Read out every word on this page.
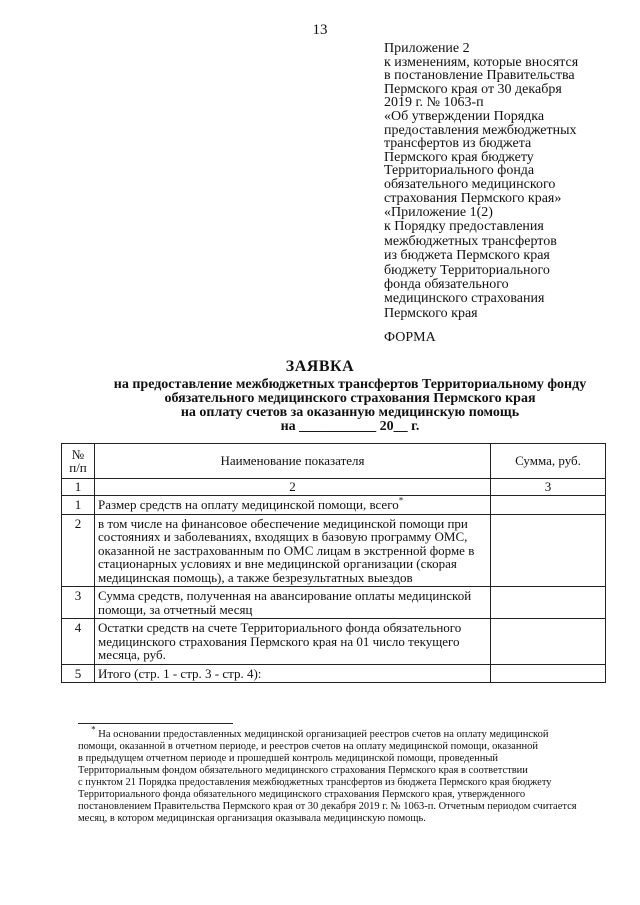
13
Приложение 2
к изменениям, которые вносятся
в постановление Правительства
Пермского края от 30 декабря
2019 г. № 1063-п
«Об утверждении Порядка
предоставления межбюджетных
трансфертов из бюджета
Пермского края бюджету
Территориального фонда
обязательного медицинского
страхования Пермского края»
«Приложение 1(2)
к Порядку предоставления
межбюджетных трансфертов
из бюджета Пермского края
бюджету Территориального
фонда обязательного
медицинского страхования
Пермского края
ФОРМА
ЗАЯВКА
на предоставление межбюджетных трансфертов Территориальному фонду
обязательного медицинского страхования Пермского края
на оплату счетов за оказанную медицинскую помощь
на ___________ 20__ г.
№ п/п	Наименование показателя	Сумма, руб.
1	2	3
1	Размер средств на оплату медицинской помощи, всего*	
2	в том числе на финансовое обеспечение медицинской помощи при состояниях и заболеваниях, входящих в базовую программу ОМС, оказанной не застрахованным по ОМС лицам в экстренной форме в стационарных условиях и вне медицинской организации (скорая медицинская помощь), а также безрезультатных выездов	
3	Сумма средств, полученная на авансирование оплаты медицинской помощи, за отчетный месяц	
4	Остатки средств на счете Территориального фонда обязательного медицинского страхования Пермского края на 01 число текущего месяца, руб.	
5	Итого (стр. 1 - стр. 3 - стр. 4):	
* На основании предоставленных медицинской организацией реестров счетов на оплату медицинской
помощи, оказанной в отчетном периоде, и реестров счетов на оплату медицинской помощи, оказанной
в предыдущем отчетном периоде и прошедшей контроль медицинской помощи, проведенный
Территориальным фондом обязательного медицинского страхования Пермского края в соответствии
с пунктом 21 Порядка предоставления межбюджетных трансфертов из бюджета Пермского края бюджету
Территориального фонда обязательного медицинского страхования Пермского края, утвержденного
постановлением Правительства Пермского края от 30 декабря 2019 г. № 1063-п. Отчетным периодом считается
месяц, в котором медицинская организация оказывала медицинскую помощь.
